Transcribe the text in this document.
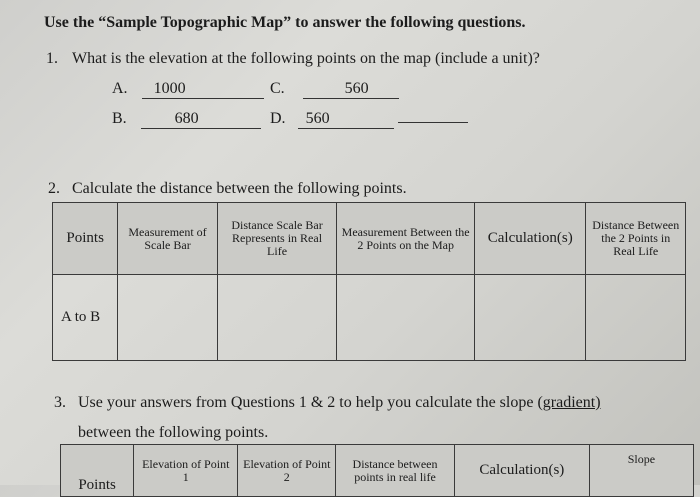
Use the “Sample Topographic Map” to answer the following questions.
1. What is the elevation at the following points on the map (include a unit)?
A. 1000	C.	560
B.	680	D. 560
2. Calculate the distance between the following points.
Points	Measurement of Scale Bar	Distance Scale Bar Represents in Real Life	Measurement Between the 2 Points on the Map	Calculation(s)	Distance Between the 2 Points in Real Life
A to B					
3. Use your answers from Questions 1 & 2 to help you calculate the slope (gradient)
between the following points.
Points	Elevation of Point 1	Elevation of Point 2	Distance between points in real life	Calculation(s)	Slope
